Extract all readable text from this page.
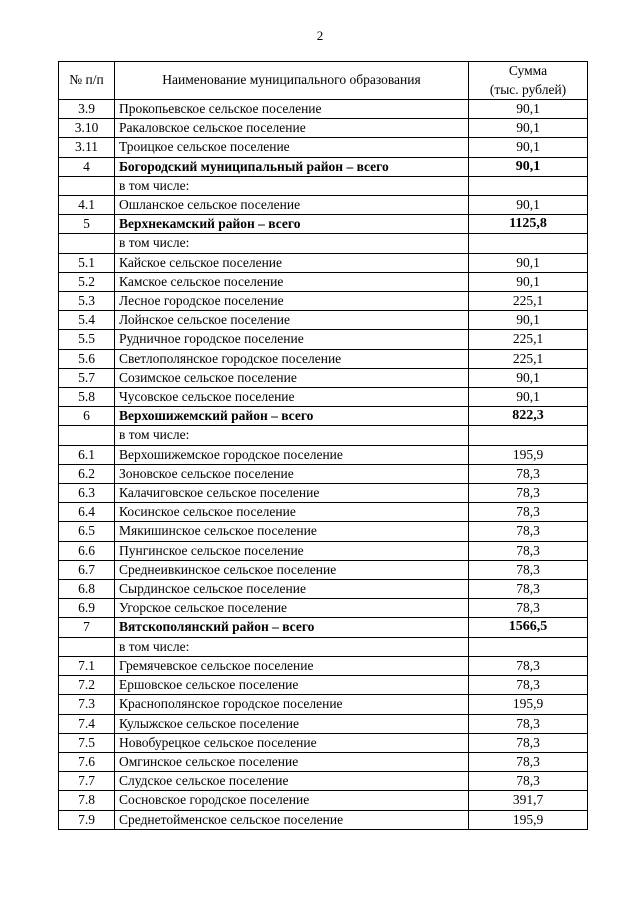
2
№ п/п	Наименование муниципального образования	Сумма
(тыс. рублей)

3.9	Прокопьевское сельское поселение	90,1
3.10	Ракаловское сельское поселение	90,1
3.11	Троицкое сельское поселение	90,1
4	Богородский муниципальный район – всего	90,1
	в том числе:	
4.1	Ошланское сельское поселение	90,1
5	Верхнекамский район – всего	1125,8
	в том числе:	
5.1	Кайское сельское поселение	90,1
5.2	Камское сельское поселение	90,1
5.3	Лесное городское поселение	225,1
5.4	Лойнское сельское поселение	90,1
5.5	Рудничное городское поселение	225,1
5.6	Светлополянское городское поселение	225,1
5.7	Созимское сельское поселение	90,1
5.8	Чусовское сельское поселение	90,1
6	Верхошижемский район – всего	822,3
	в том числе:	
6.1	Верхошижемское городское поселение	195,9
6.2	Зоновское сельское поселение	78,3
6.3	Калачиговское сельское поселение	78,3
6.4	Косинское сельское поселение	78,3
6.5	Мякишинское сельское поселение	78,3
6.6	Пунгинское сельское поселение	78,3
6.7	Среднеивкинское сельское поселение	78,3
6.8	Сырдинское сельское поселение	78,3
6.9	Угорское сельское поселение	78,3
7	Вятскополянский район – всего	1566,5
	в том числе:	
7.1	Гремячевское сельское поселение	78,3
7.2	Ершовское сельское поселение	78,3
7.3	Краснополянское городское поселение	195,9
7.4	Кулыжское сельское поселение	78,3
7.5	Новобурецкое сельское поселение	78,3
7.6	Омгинское сельское поселение	78,3
7.7	Слудское сельское поселение	78,3
7.8	Сосновское городское поселение	391,7
7.9	Среднетойменское сельское поселение	195,9
